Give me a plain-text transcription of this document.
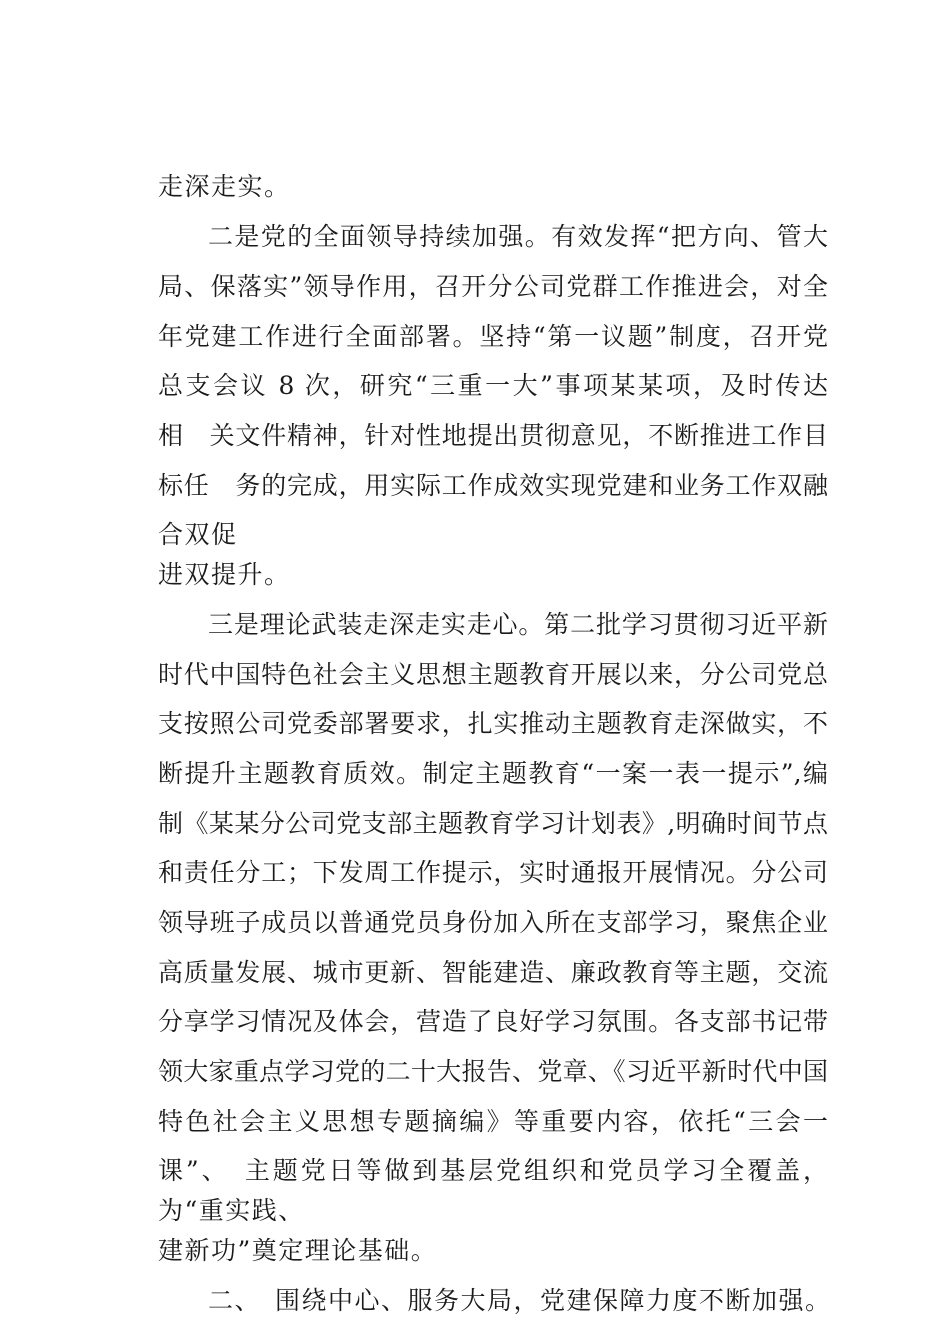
走深走实。
二是党的全面领导持续加强。有效发挥“把方向、管大
局、保落实”领导作用，召开分公司党群工作推进会，对全
年党建工作进行全面部署。坚持“第一议题”制度，召开党
总支会议 8 次，研究“三重一大”事项某某项，及时传达
相　关文件精神，针对性地提出贯彻意见，不断推进工作目
标任　务的完成，用实际工作成效实现党建和业务工作双融
合双促
进双提升。
三是理论武装走深走实走心。第二批学习贯彻习近平新
时代中国特色社会主义思想主题教育开展以来，分公司党总
支按照公司党委部署要求，扎实推动主题教育走深做实，不
断提升主题教育质效。制定主题教育“一案一表一提示”,编
制《某某分公司党支部主题教育学习计划表》,明确时间节点
和责任分工；下发周工作提示，实时通报开展情况。分公司
领导班子成员以普通党员身份加入所在支部学习，聚焦企业
高质量发展、城市更新、智能建造、廉政教育等主题，交流
分享学习情况及体会，营造了良好学习氛围。各支部书记带
领大家重点学习党的二十大报告、党章、《习近平新时代中国
特色社会主义思想专题摘编》等重要内容，依托“三会一
课”、　主题党日等做到基层党组织和党员学习全覆盖，
为“重实践、
建新功”奠定理论基础。
二、　围绕中心、服务大局，党建保障力度不断加强。
